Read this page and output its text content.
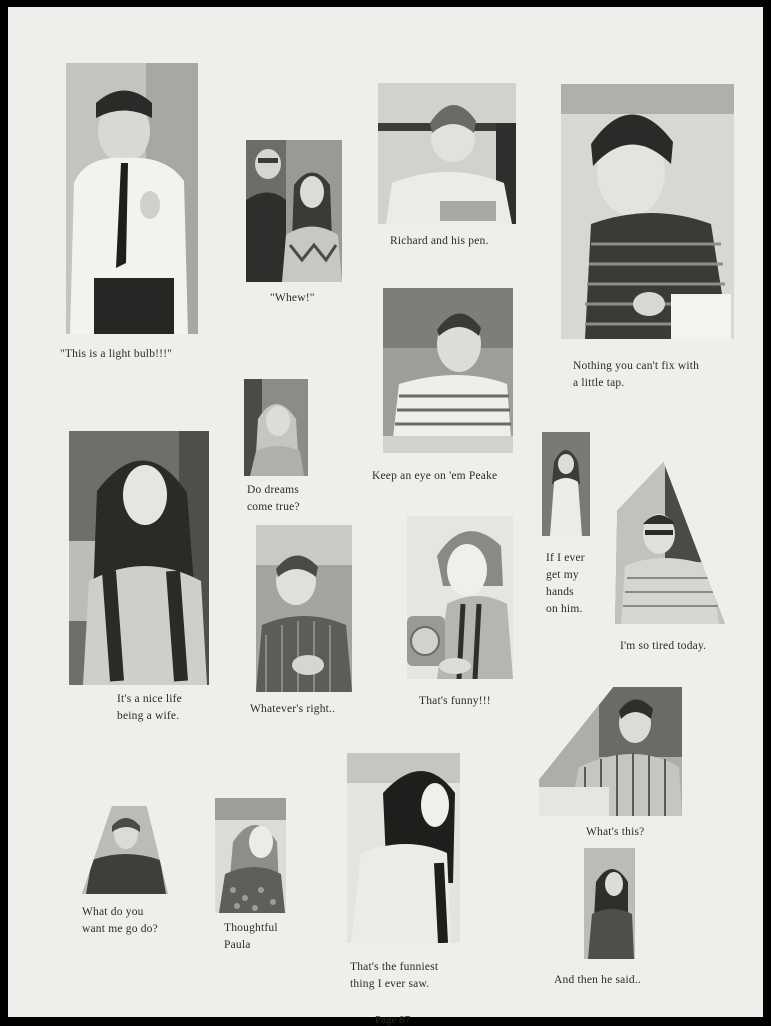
"This is a light bulb!!!"
"Whew!"
Richard and his pen.
Nothing you can't fix with
a little tap.
Do dreams
come true?
Keep an eye on 'em Peake
It's a nice life
being a wife.
Whatever's right..
That's funny!!!
If I ever
get my
hands
on him.
I'm so tired today.
What's this?
What do you
want me go do?	Thoughtful
Paula
That's the funniest
thing I ever saw.	And then he said..
Page 87
